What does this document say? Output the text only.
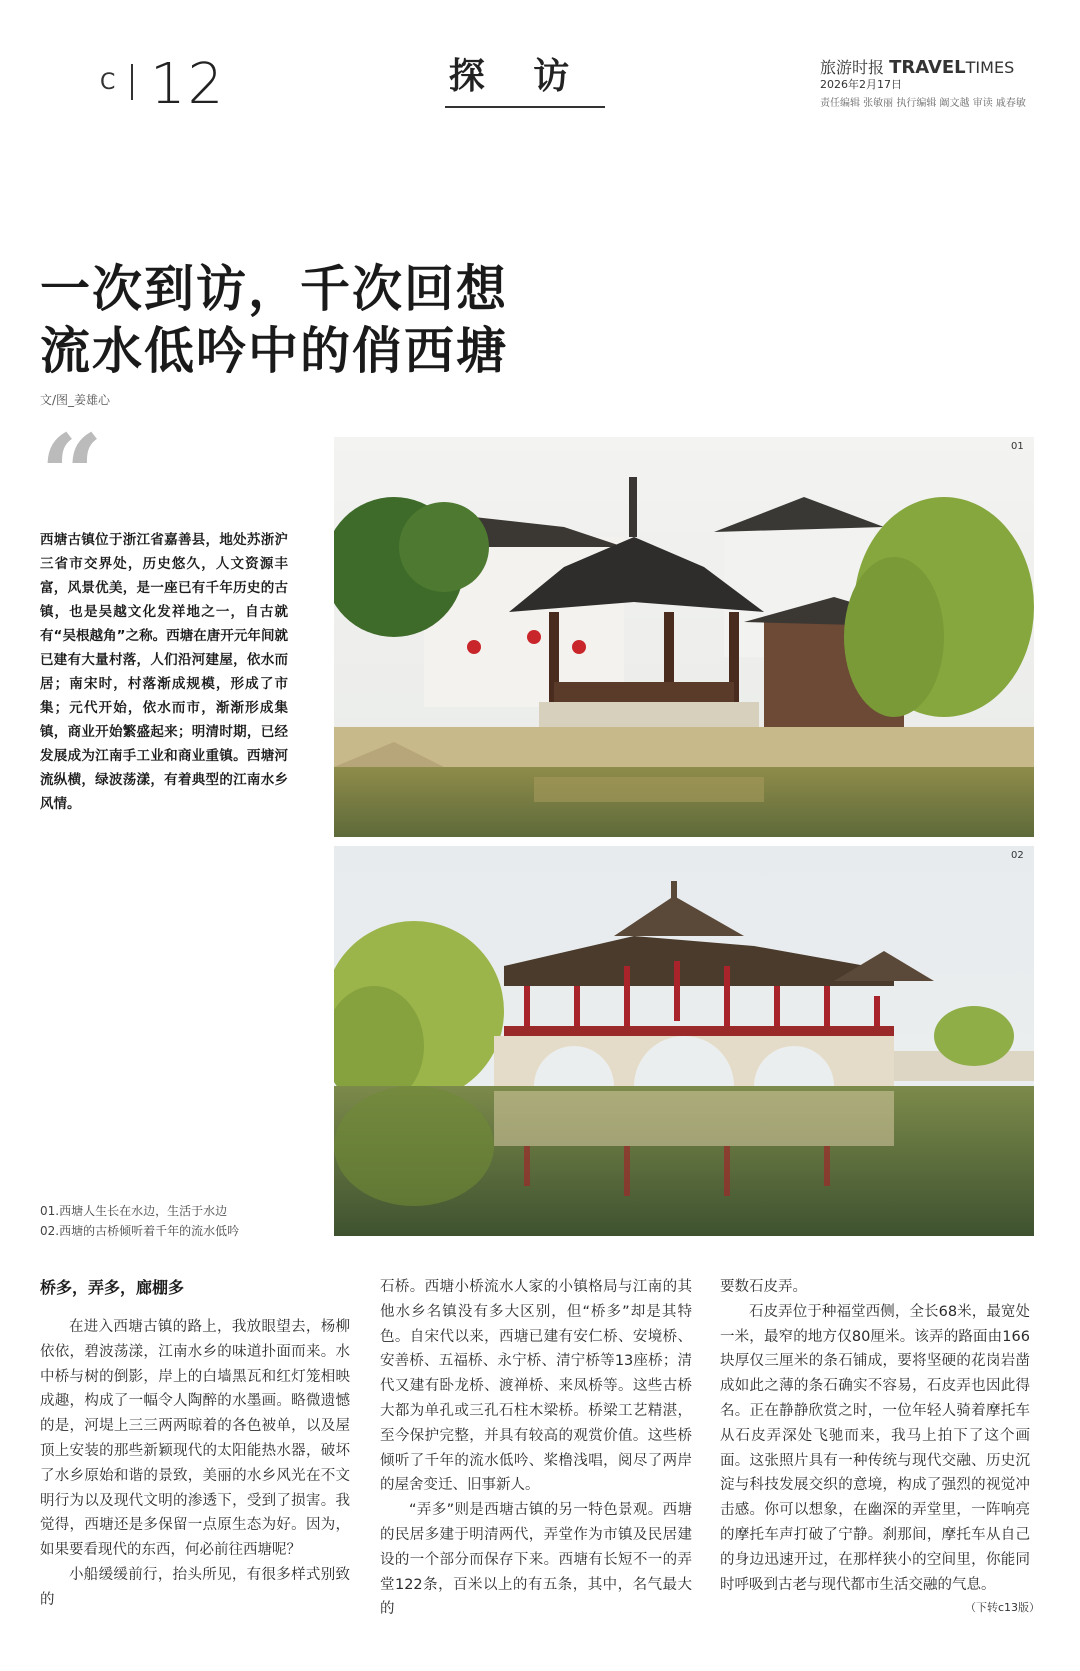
C 12	探 访	旅游时报 TRAVELTIMES
2026年2月17日
责任编辑 张敏丽 执行编辑 阚文越 审读 戚春敏
一次到访，千次回想
流水低吟中的俏西塘
文/图_姜雄心
“
西塘古镇位于浙江省嘉善县，地处苏浙沪三省市交界处，历史悠久，人文资源丰富，风景优美，是一座已有千年历史的古镇，也是吴越文化发祥地之一，自古就有“吴根越角”之称。西塘在唐开元年间就已建有大量村落，人们沿河建屋，依水而居；南宋时，村落渐成规模，形成了市集；元代开始，依水而市，渐渐形成集镇，商业开始繁盛起来；明清时期，已经发展成为江南手工业和商业重镇。西塘河流纵横，绿波荡漾，有着典型的江南水乡风情。
01
02
01.西塘人生长在水边，生活于水边
02.西塘的古桥倾听着千年的流水低吟
桥多，弄多，廊棚多

在进入西塘古镇的路上，我放眼望去，杨柳依依，碧波荡漾，江南水乡的味道扑面而来。水中桥与树的倒影，岸上的白墙黑瓦和红灯笼相映成趣，构成了一幅令人陶醉的水墨画。略微遗憾的是，河堤上三三两两晾着的各色被单，以及屋顶上安装的那些新颖现代的太阳能热水器，破坏了水乡原始和谐的景致，美丽的水乡风光在不文明行为以及现代文明的渗透下，受到了损害。我觉得，西塘还是多保留一点原生态为好。因为，如果要看现代的东西，何必前往西塘呢？

小船缓缓前行，抬头所见，有很多样式别致的

石桥。西塘小桥流水人家的小镇格局与江南的其他水乡名镇没有多大区别，但“桥多”却是其特色。自宋代以来，西塘已建有安仁桥、安境桥、安善桥、五福桥、永宁桥、清宁桥等13座桥；清代又建有卧龙桥、渡禅桥、来凤桥等。这些古桥大都为单孔或三孔石柱木梁桥。桥梁工艺精湛，至今保护完整，并具有较高的观赏价值。这些桥倾听了千年的流水低吟、桨橹浅唱，阅尽了两岸的屋舍变迁、旧事新人。

“弄多”则是西塘古镇的另一特色景观。西塘的民居多建于明清两代，弄堂作为市镇及民居建设的一个部分而保存下来。西塘有长短不一的弄堂122条，百米以上的有五条，其中，名气最大的

要数石皮弄。

石皮弄位于种福堂西侧，全长68米，最宽处一米，最窄的地方仅80厘米。该弄的路面由166块厚仅三厘米的条石铺成，要将坚硬的花岗岩凿成如此之薄的条石确实不容易，石皮弄也因此得名。正在静静欣赏之时，一位年轻人骑着摩托车从石皮弄深处飞驰而来，我马上拍下了这个画面。这张照片具有一种传统与现代交融、历史沉淀与科技发展交织的意境，构成了强烈的视觉冲击感。你可以想象，在幽深的弄堂里，一阵响亮的摩托车声打破了宁静。刹那间，摩托车从自己的身边迅速开过，在那样狭小的空间里，你能同时呼吸到古老与现代都市生活交融的气息。

（下转c13版）
